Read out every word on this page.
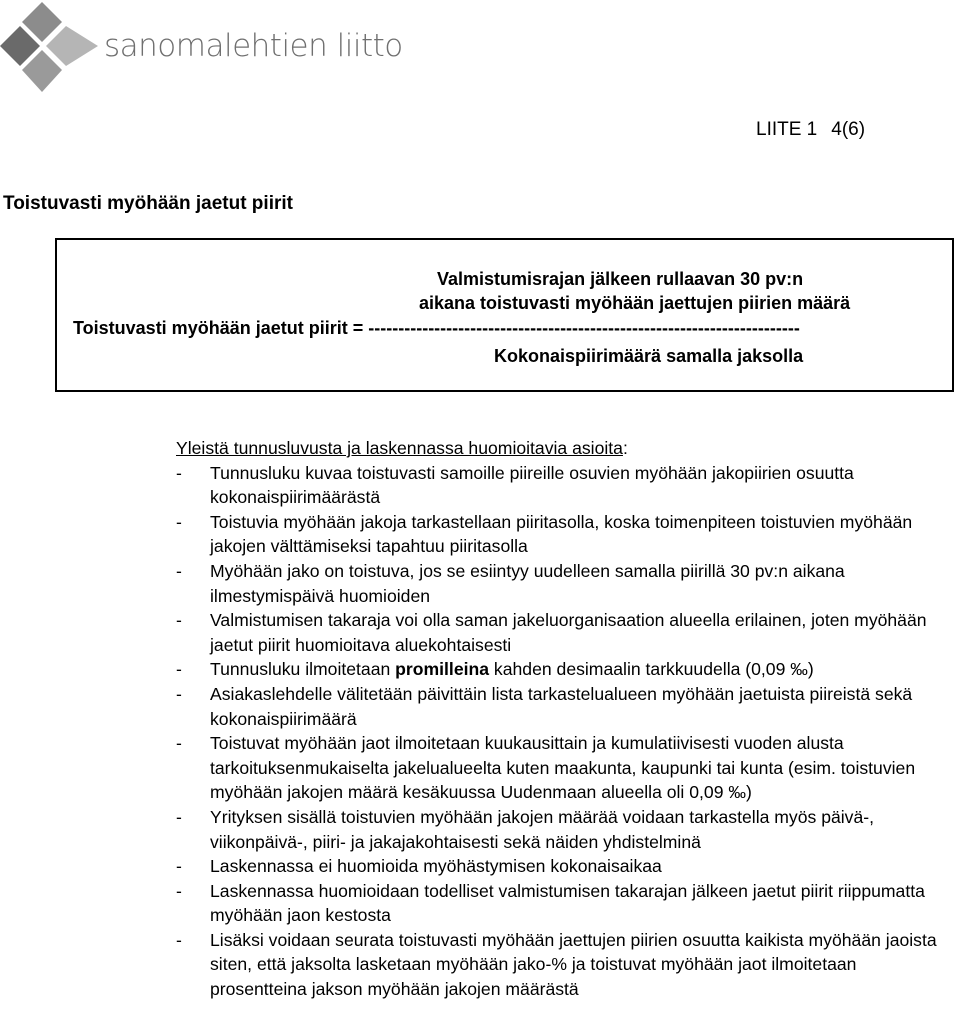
sanomalehtien liitto
LIITE 1 4(6)
Toistuvasti myöhään jaetut piirit
Valmistumisrajan jälkeen rullaavan 30 pv:n
aikana toistuvasti myöhään jaettujen piirien määrä
Toistuvasti myöhään jaetut piirit = ------------------------------------------------------------------------
Kokonaispiirimäärä samalla jaksolla
Yleistä tunnusluvusta ja laskennassa huomioitavia asioita:
- Tunnusluku kuvaa toistuvasti samoille piireille osuvien myöhään jakopiirien osuutta kokonaispiirimäärästä
- Toistuvia myöhään jakoja tarkastellaan piiritasolla, koska toimenpiteen toistuvien myöhään jakojen välttämiseksi tapahtuu piiritasolla
- Myöhään jako on toistuva, jos se esiintyy uudelleen samalla piirillä 30 pv:n aikana ilmestymispäivä huomioiden
- Valmistumisen takaraja voi olla saman jakeluorganisaation alueella erilainen, joten myöhään jaetut piirit huomioitava aluekohtaisesti
- Tunnusluku ilmoitetaan promilleina kahden desimaalin tarkkuudella (0,09 ‰)
- Asiakaslehdelle välitetään päivittäin lista tarkastelualueen myöhään jaetuista piireistä sekä kokonaispiirimäärä
- Toistuvat myöhään jaot ilmoitetaan kuukausittain ja kumulatiivisesti vuoden alusta tarkoituksenmukaiselta jakelualueelta kuten maakunta, kaupunki tai kunta (esim. toistuvien myöhään jakojen määrä kesäkuussa Uudenmaan alueella oli 0,09 ‰)
- Yrityksen sisällä toistuvien myöhään jakojen määrää voidaan tarkastella myös päivä-, viikonpäivä-, piiri- ja jakajakohtaisesti sekä näiden yhdistelminä
- Laskennassa ei huomioida myöhästymisen kokonaisaikaa
- Laskennassa huomioidaan todelliset valmistumisen takarajan jälkeen jaetut piirit riippumatta myöhään jaon kestosta
- Lisäksi voidaan seurata toistuvasti myöhään jaettujen piirien osuutta kaikista myöhään jaoista siten, että jaksolta lasketaan myöhään jako-% ja toistuvat myöhään jaot ilmoitetaan prosentteina jakson myöhään jakojen määrästä
